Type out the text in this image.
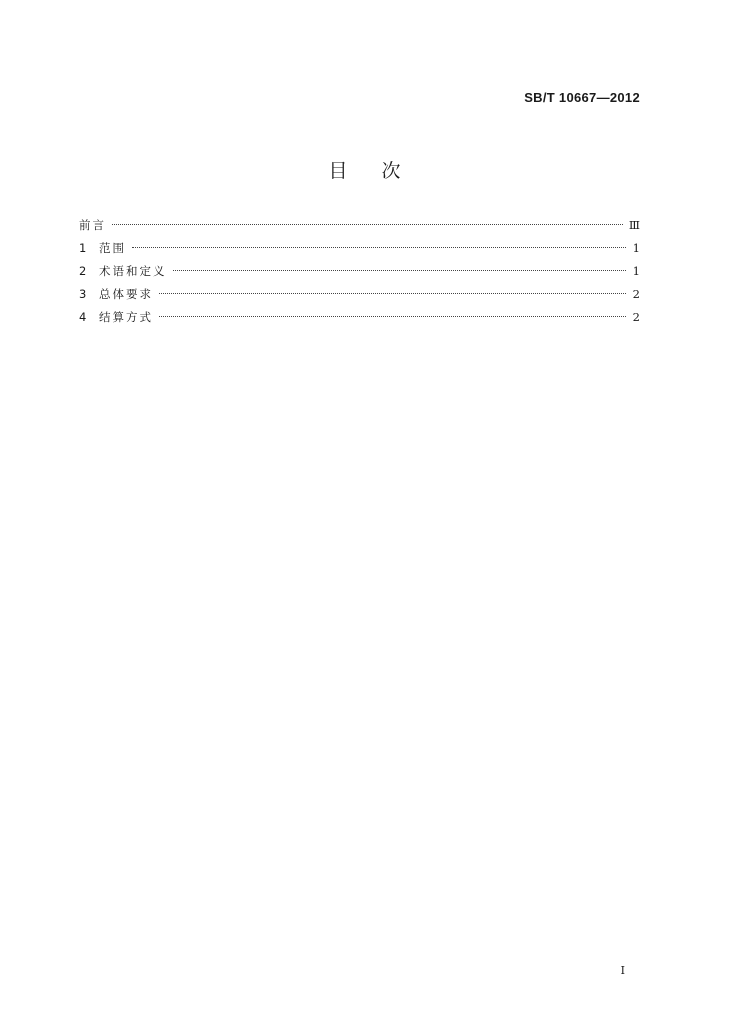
SB/T 10667—2012
目次
前言	Ⅲ
1	范围	1
2	术语和定义	1
3	总体要求	2
4	结算方式	2
I
